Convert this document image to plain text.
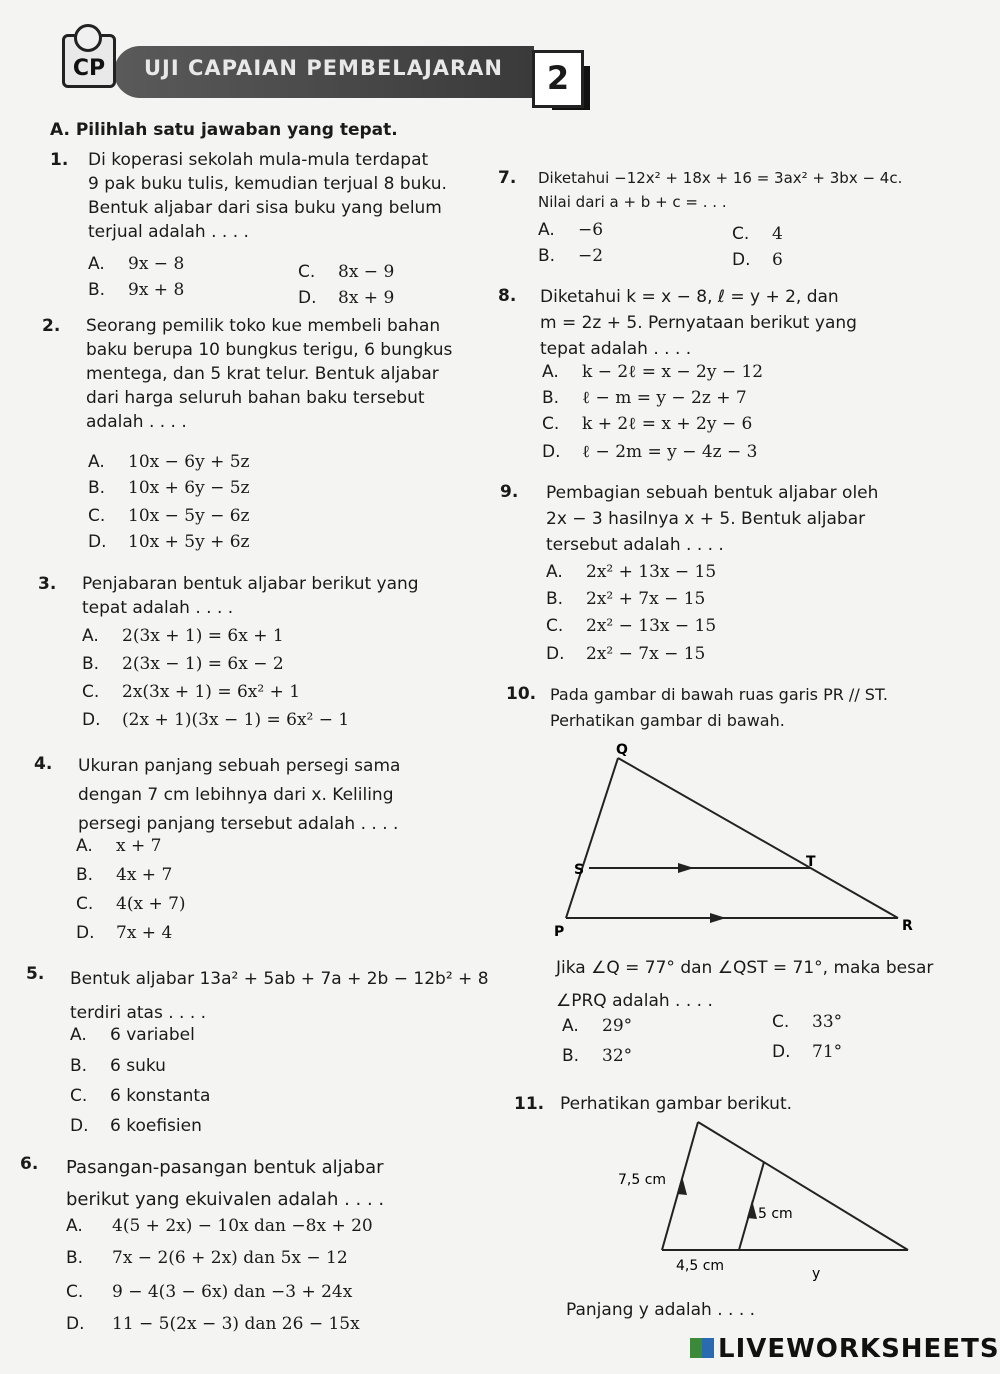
CP	UJI CAPAIAN PEMBELAJARAN	2
A. Pilihlah satu jawaban yang tepat.
1. Di koperasi sekolah mula-mula terdapat
9 pak buku tulis, kemudian terjual 8 buku.
Bentuk aljabar dari sisa buku yang belum
terjual adalah . . . .
A. 9x − 8
B. 9x + 8
C. 8x − 9
D. 8x + 9
2. Seorang pemilik toko kue membeli bahan
baku berupa 10 bungkus terigu, 6 bungkus
mentega, dan 5 krat telur. Bentuk aljabar
dari harga seluruh bahan baku tersebut
adalah . . . .
A. 10x − 6y + 5z
B. 10x + 6y − 5z
C. 10x − 5y − 6z
D. 10x + 5y + 6z
3. Penjabaran bentuk aljabar berikut yang
tepat adalah . . . .
A. 2(3x + 1) = 6x + 1
B. 2(3x − 1) = 6x − 2
C. 2x(3x + 1) = 6x² + 1
D. (2x + 1)(3x − 1) = 6x² − 1
4. Ukuran panjang sebuah persegi sama
dengan 7 cm lebihnya dari x. Keliling
persegi panjang tersebut adalah . . . .
A. x + 7
B. 4x + 7
C. 4(x + 7)
D. 7x + 4
5. Bentuk aljabar 13a² + 5ab + 7a + 2b − 12b² + 8
terdiri atas . . . .
A. 6 variabel
B. 6 suku
C. 6 konstanta
D. 6 koefisien
6. Pasangan-pasangan bentuk aljabar
berikut yang ekuivalen adalah . . . .
A. 4(5 + 2x) − 10x dan −8x + 20
B. 7x − 2(6 + 2x) dan 5x − 12
C. 9 − 4(3 − 6x) dan −3 + 24x
D. 11 − 5(2x − 3) dan 26 − 15x
7. Diketahui −12x² + 18x + 16 = 3ax² + 3bx − 4c.
Nilai dari a + b + c = . . .
A. −6
B. −2
C. 4
D. 6
8. Diketahui k = x − 8, ℓ = y + 2, dan
m = 2z + 5. Pernyataan berikut yang
tepat adalah . . . .
A. k − 2ℓ = x − 2y − 12
B. ℓ − m = y − 2z + 7
C. k + 2ℓ = x + 2y − 6
D. ℓ − 2m = y − 4z − 3
9. Pembagian sebuah bentuk aljabar oleh
2x − 3 hasilnya x + 5. Bentuk aljabar
tersebut adalah . . . .
A. 2x² + 13x − 15
B. 2x² + 7x − 15
C. 2x² − 13x − 15
D. 2x² − 7x − 15
10. Pada gambar di bawah ruas garis PR // ST.
Perhatikan gambar di bawah.
Q
S	T
P	R
Jika ∠Q = 77° dan ∠QST = 71°, maka besar
∠PRQ adalah . . . .
A. 29°
B. 32°
C. 33°
D. 71°
11. Perhatikan gambar berikut.
7,5 cm
5 cm
4,5 cm	y
Panjang y adalah . . . .
LIVEWORKSHEETS
